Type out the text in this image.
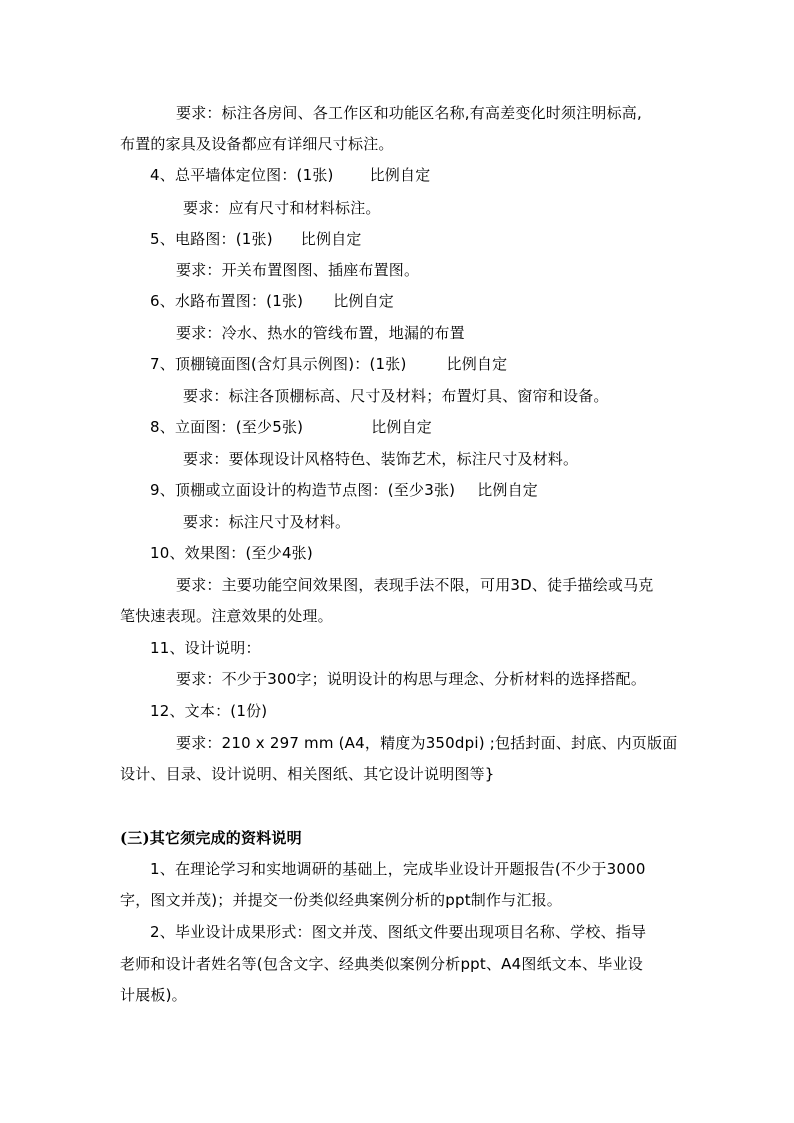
要求：标注各房间、各工作区和功能区名称,有高差变化时须注明标高,
布置的家具及设备都应有详细尺寸标注。
4、总平墙体定位图：(1张) 比例自定
要求：应有尺寸和材料标注。
5、电路图：(1张) 比例自定
要求：开关布置图图、插座布置图。
6、水路布置图：(1张) 比例自定
要求：冷水、热水的管线布置，地漏的布置
7、顶棚镜面图(含灯具示例图)：(1张)	比例自定
要求：标注各顶棚标高、尺寸及材料；布置灯具、窗帘和设备。
8、立面图：(至少5张)	比例自定
要求：要体现设计风格特色、装饰艺术，标注尺寸及材料。
9、顶棚或立面设计的构造节点图：(至少3张) 比例自定
要求：标注尺寸及材料。
10、效果图：(至少4张)
要求：主要功能空间效果图，表现手法不限，可用3D、徒手描绘或马克
笔快速表现。注意效果的处理。
11、设计说明：
要求：不少于300字；说明设计的构思与理念、分析材料的选择搭配。
12、文本：(1份)
要求：210 x 297 mm (A4，精度为350dpi) ;包括封面、封底、内页版面
设计、目录、设计说明、相关图纸、其它设计说明图等}
(三)其它须完成的资料说明
1、在理论学习和实地调研的基础上，完成毕业设计开题报告(不少于3000
字，图文并茂)；并提交一份类似经典案例分析的ppt制作与汇报。
2、毕业设计成果形式：图文并茂、图纸文件要出现项目名称、学校、指导
老师和设计者姓名等(包含文字、经典类似案例分析ppt、A4图纸文本、毕业设
计展板)。
